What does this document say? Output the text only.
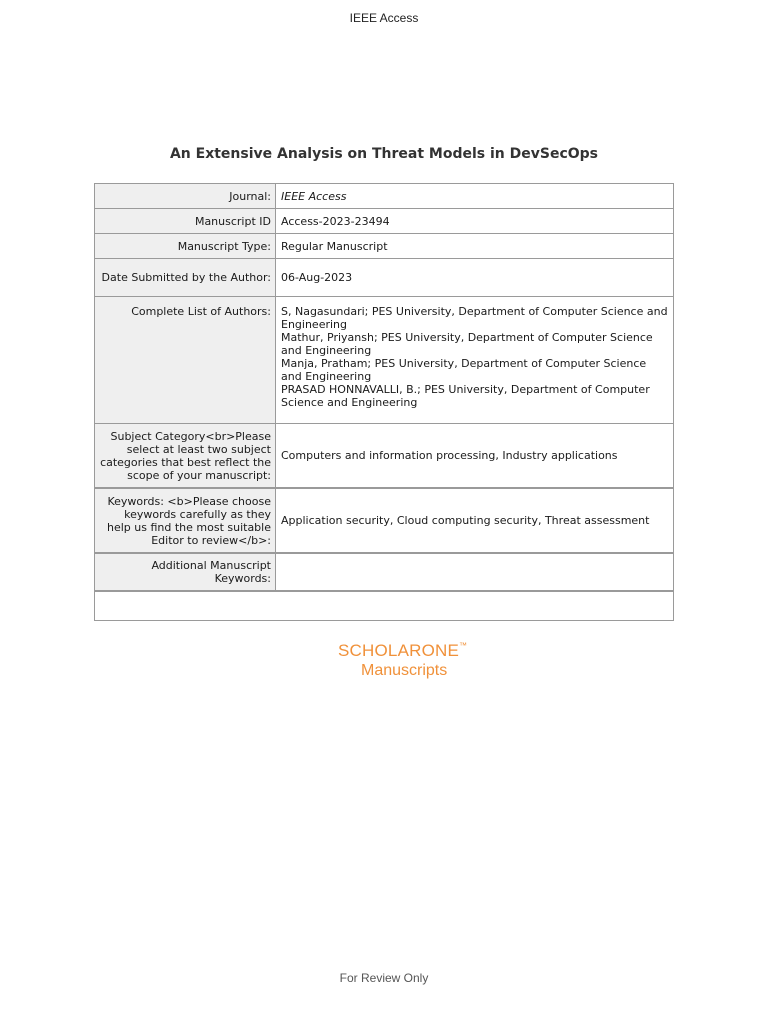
IEEE Access
An Extensive Analysis on Threat Models in DevSecOps
Journal:	IEEE Access
Manuscript ID	Access-2023-23494
Manuscript Type:	Regular Manuscript
Date Submitted by the Author:	06-Aug-2023
Complete List of Authors:	S, Nagasundari; PES University, Department of Computer Science and Engineering
Mathur, Priyansh; PES University, Department of Computer Science and Engineering
Manja, Pratham; PES University, Department of Computer Science and Engineering
PRASAD HONNAVALLI, B.; PES University, Department of Computer Science and Engineering

Subject Category<br>Please select at least two subject categories that best reflect the scope of your manuscript:	Computers and information processing, Industry applications
Keywords: <b>Please choose keywords carefully as they help us find the most suitable Editor to review</b>:	Application security, Cloud computing security, Threat assessment
Additional Manuscript Keywords:	

SCHOLARONE™
Manuscripts
For Review Only
